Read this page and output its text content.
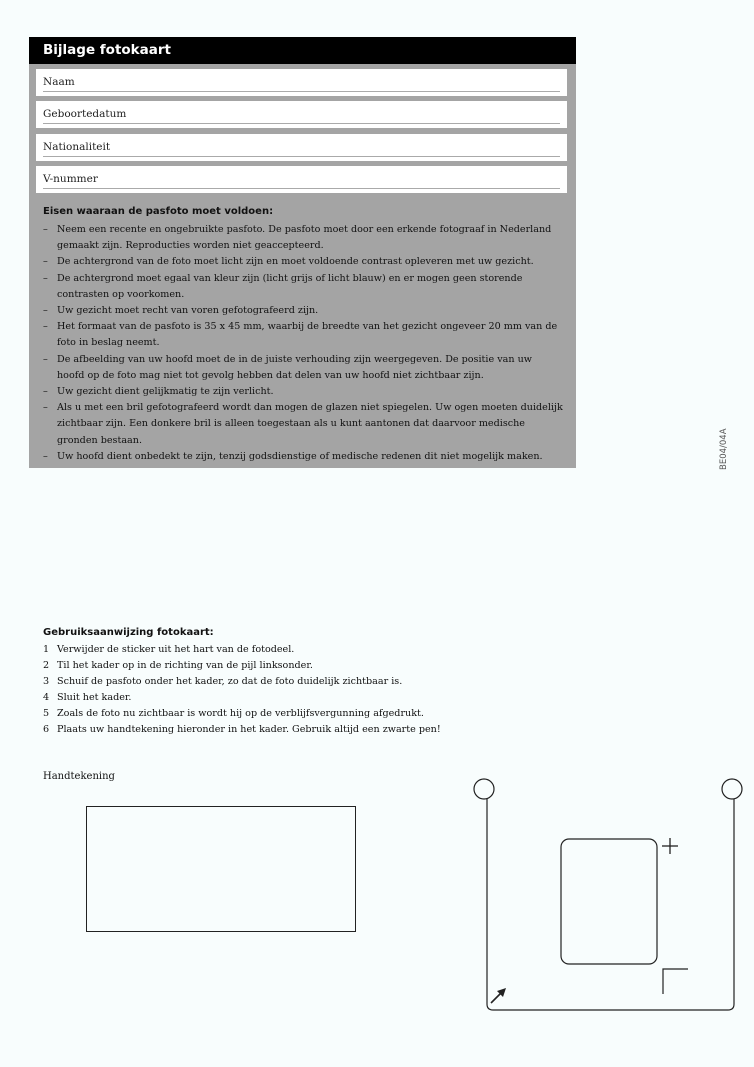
Bijlage fotokaart
Naam
Geboortedatum
Nationaliteit
V-nummer
Eisen waaraan de pasfoto moet voldoen:
– Neem een recente en ongebruikte pasfoto. De pasfoto moet door een erkende fotograaf in Nederland
gemaakt zijn. Reproducties worden niet geaccepteerd.
– De achtergrond van de foto moet licht zijn en moet voldoende contrast opleveren met uw gezicht.
– De achtergrond moet egaal van kleur zijn (licht grijs of licht blauw) en er mogen geen storende
contrasten op voorkomen.
– Uw gezicht moet recht van voren gefotografeerd zijn.
– Het formaat van de pasfoto is 35 x 45 mm, waarbij de breedte van het gezicht ongeveer 20 mm van de
foto in beslag neemt.
– De afbeelding van uw hoofd moet de in de juiste verhouding zijn weergegeven. De positie van uw
hoofd op de foto mag niet tot gevolg hebben dat delen van uw hoofd niet zichtbaar zijn.
– Uw gezicht dient gelijkmatig te zijn verlicht.
– Als u met een bril gefotografeerd wordt dan mogen de glazen niet spiegelen. Uw ogen moeten duidelijk
zichtbaar zijn. Een donkere bril is alleen toegestaan als u kunt aantonen dat daarvoor medische
gronden bestaan.
– Uw hoofd dient onbedekt te zijn, tenzij godsdienstige of medische redenen dit niet mogelijk maken.	BE04/04A
Gebruiksaanwijzing fotokaart:
1 Verwijder de sticker uit het hart van de fotodeel.
2 Til het kader op in de richting van de pijl linksonder.
3 Schuif de pasfoto onder het kader, zo dat de foto duidelijk zichtbaar is.
4 Sluit het kader.
5 Zoals de foto nu zichtbaar is wordt hij op de verblijfsvergunning afgedrukt.
6 Plaats uw handtekening hieronder in het kader. Gebruik altijd een zwarte pen!
Handtekening
